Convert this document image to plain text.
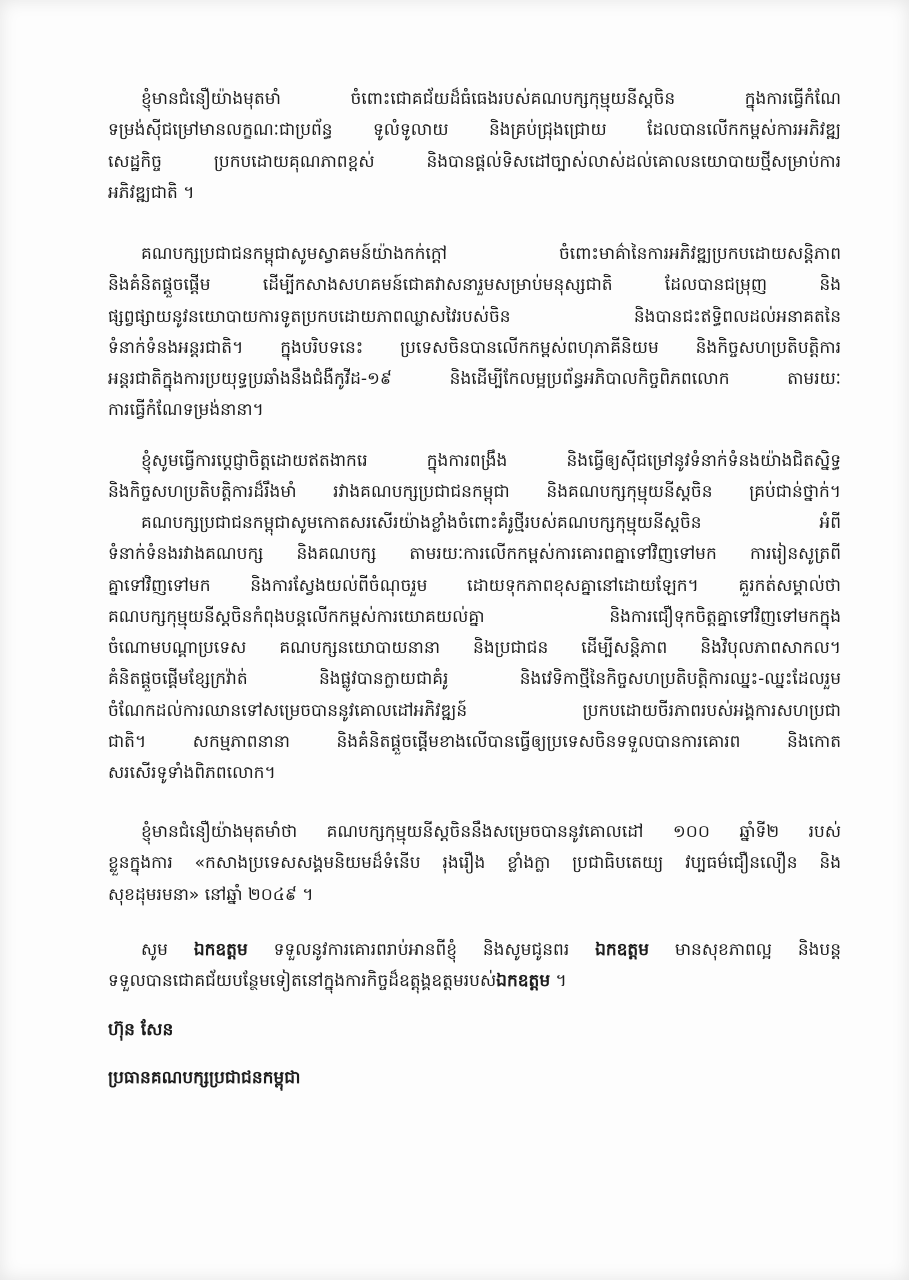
ខ្ញុំមានជំនឿយ៉ាងមុតមាំ ចំពោះជោគជ័យដ៏ធំធេងរបស់គណបក្សកុម្មុយនីស្តចិន ក្នុងការធ្វើកំណែ
ទម្រង់ស៊ីជម្រៅមានលក្ខណៈជាប្រព័ន្ធ ទូលំទូលាយ និងគ្រប់ជ្រុងជ្រោយ ដែលបានលើកកម្ពស់ការអភិវឌ្ឍ
សេដ្ឋកិច្ច ប្រកបដោយគុណភាពខ្ពស់ និងបានផ្ដល់ទិសដៅច្បាស់លាស់ដល់គោលនយោបាយថ្មីសម្រាប់ការ
អភិវឌ្ឍជាតិ ។
គណបក្សប្រជាជនកម្ពុជាសូមស្វាគមន៍យ៉ាងកក់ក្ដៅ ចំពោះមាគ៌ានៃការអភិវឌ្ឍប្រកបដោយសន្តិភាព
និងគំនិតផ្ដួចផ្ដើម ដើម្បីកសាងសហគមន៍ជោគវាសនារួមសម្រាប់មនុស្សជាតិ ដែលបានជម្រុញ និង
ផ្សព្វផ្សាយនូវនយោបាយការទូតប្រកបដោយភាពឈ្លាសវៃរបស់ចិន និងបានជះឥទ្ធិពលដល់អនាគតនៃ
ទំនាក់ទំនងអន្តរជាតិ។ ក្នុងបរិបទនេះ ប្រទេសចិនបានលើកកម្ពស់ពហុភាគីនិយម និងកិច្ចសហប្រតិបត្តិការ
អន្តរជាតិក្នុងការប្រយុទ្ធប្រឆាំងនឹងជំងឺកូវីដ-១៩ និងដើម្បីកែលម្អប្រព័ន្ធអភិបាលកិច្ចពិភពលោក តាមរយៈ
ការធ្វើកំណែទម្រង់នានា។
ខ្ញុំសូមធ្វើការប្ដេជ្ញាចិត្តដោយឥតងាករេ ក្នុងការពង្រឹង និងធ្វើឲ្យស៊ីជម្រៅនូវទំនាក់ទំនងយ៉ាងជិតស្និទ្ធ
និងកិច្ចសហប្រតិបត្តិការដ៏រឹងមាំ រវាងគណបក្សប្រជាជនកម្ពុជា និងគណបក្សកុម្មុយនីស្តចិន គ្រប់ជាន់ថ្នាក់។
គណបក្សប្រជាជនកម្ពុជាសូមកោតសរសើរយ៉ាងខ្លាំងចំពោះគំរូថ្មីរបស់គណបក្សកុម្មុយនីស្តចិន អំពី
ទំនាក់ទំនងរវាងគណបក្ស និងគណបក្ស តាមរយៈការលើកកម្ពស់ការគោរពគ្នាទៅវិញទៅមក ការរៀនសូត្រពី
គ្នាទៅវិញទៅមក និងការស្វែងយល់ពីចំណុចរួម ដោយទុកភាពខុសគ្នានៅដោយឡែក។ គួរកត់សម្គាល់ថា
គណបក្សកុម្មុយនីស្តចិនកំពុងបន្តលើកកម្ពស់ការយោគយល់គ្នា និងការជឿទុកចិត្តគ្នាទៅវិញទៅមកក្នុង
ចំណោមបណ្ដាប្រទេស គណបក្សនយោបាយនានា និងប្រជាជន ដើម្បីសន្តិភាព និងវិបុលភាពសាកល។
គំនិតផ្ដួចផ្ដើមខ្សែក្រវ៉ាត់ និងផ្លូវបានក្លាយជាគំរូ និងវេទិកាថ្មីនៃកិច្ចសហប្រតិបត្តិការឈ្នះ-ឈ្នះដែលរួម
ចំណែកដល់ការឈានទៅសម្រេចបាននូវគោលដៅអភិវឌ្ឍន៍ ប្រកបដោយចីរភាពរបស់អង្គការសហប្រជា
ជាតិ។ សកម្មភាពនានា និងគំនិតផ្ដួចផ្ដើមខាងលើបានធ្វើឲ្យប្រទេសចិនទទួលបានការគោរព និងកោត
សរសើរទូទាំងពិភពលោក។
ខ្ញុំមានជំនឿយ៉ាងមុតមាំថា គណបក្សកុម្មុយនីស្តចិននឹងសម្រេចបាននូវគោលដៅ ១០០ ឆ្នាំទី២ របស់
ខ្លួនក្នុងការ «កសាងប្រទេសសង្គមនិយមដ៏ទំនើប រុងរឿង ខ្លាំងក្លា ប្រជាធិបតេយ្យ វប្បធម៌ជឿនលឿន និង
សុខដុមរមនា» នៅឆ្នាំ ២០៤៩ ។
សូម ឯកឧត្តម ទទួលនូវការគោរពរាប់អានពីខ្ញុំ និងសូមជូនពរ ឯកឧត្តម មានសុខភាពល្អ និងបន្ត
ទទួលបានជោគជ័យបន្ថែមទៀតនៅក្នុងការកិច្ចដ៏ឧត្តុង្គឧត្តមរបស់ឯកឧត្តម ។
ហ៊ុន សែន
ប្រធានគណបក្សប្រជាជនកម្ពុជា
